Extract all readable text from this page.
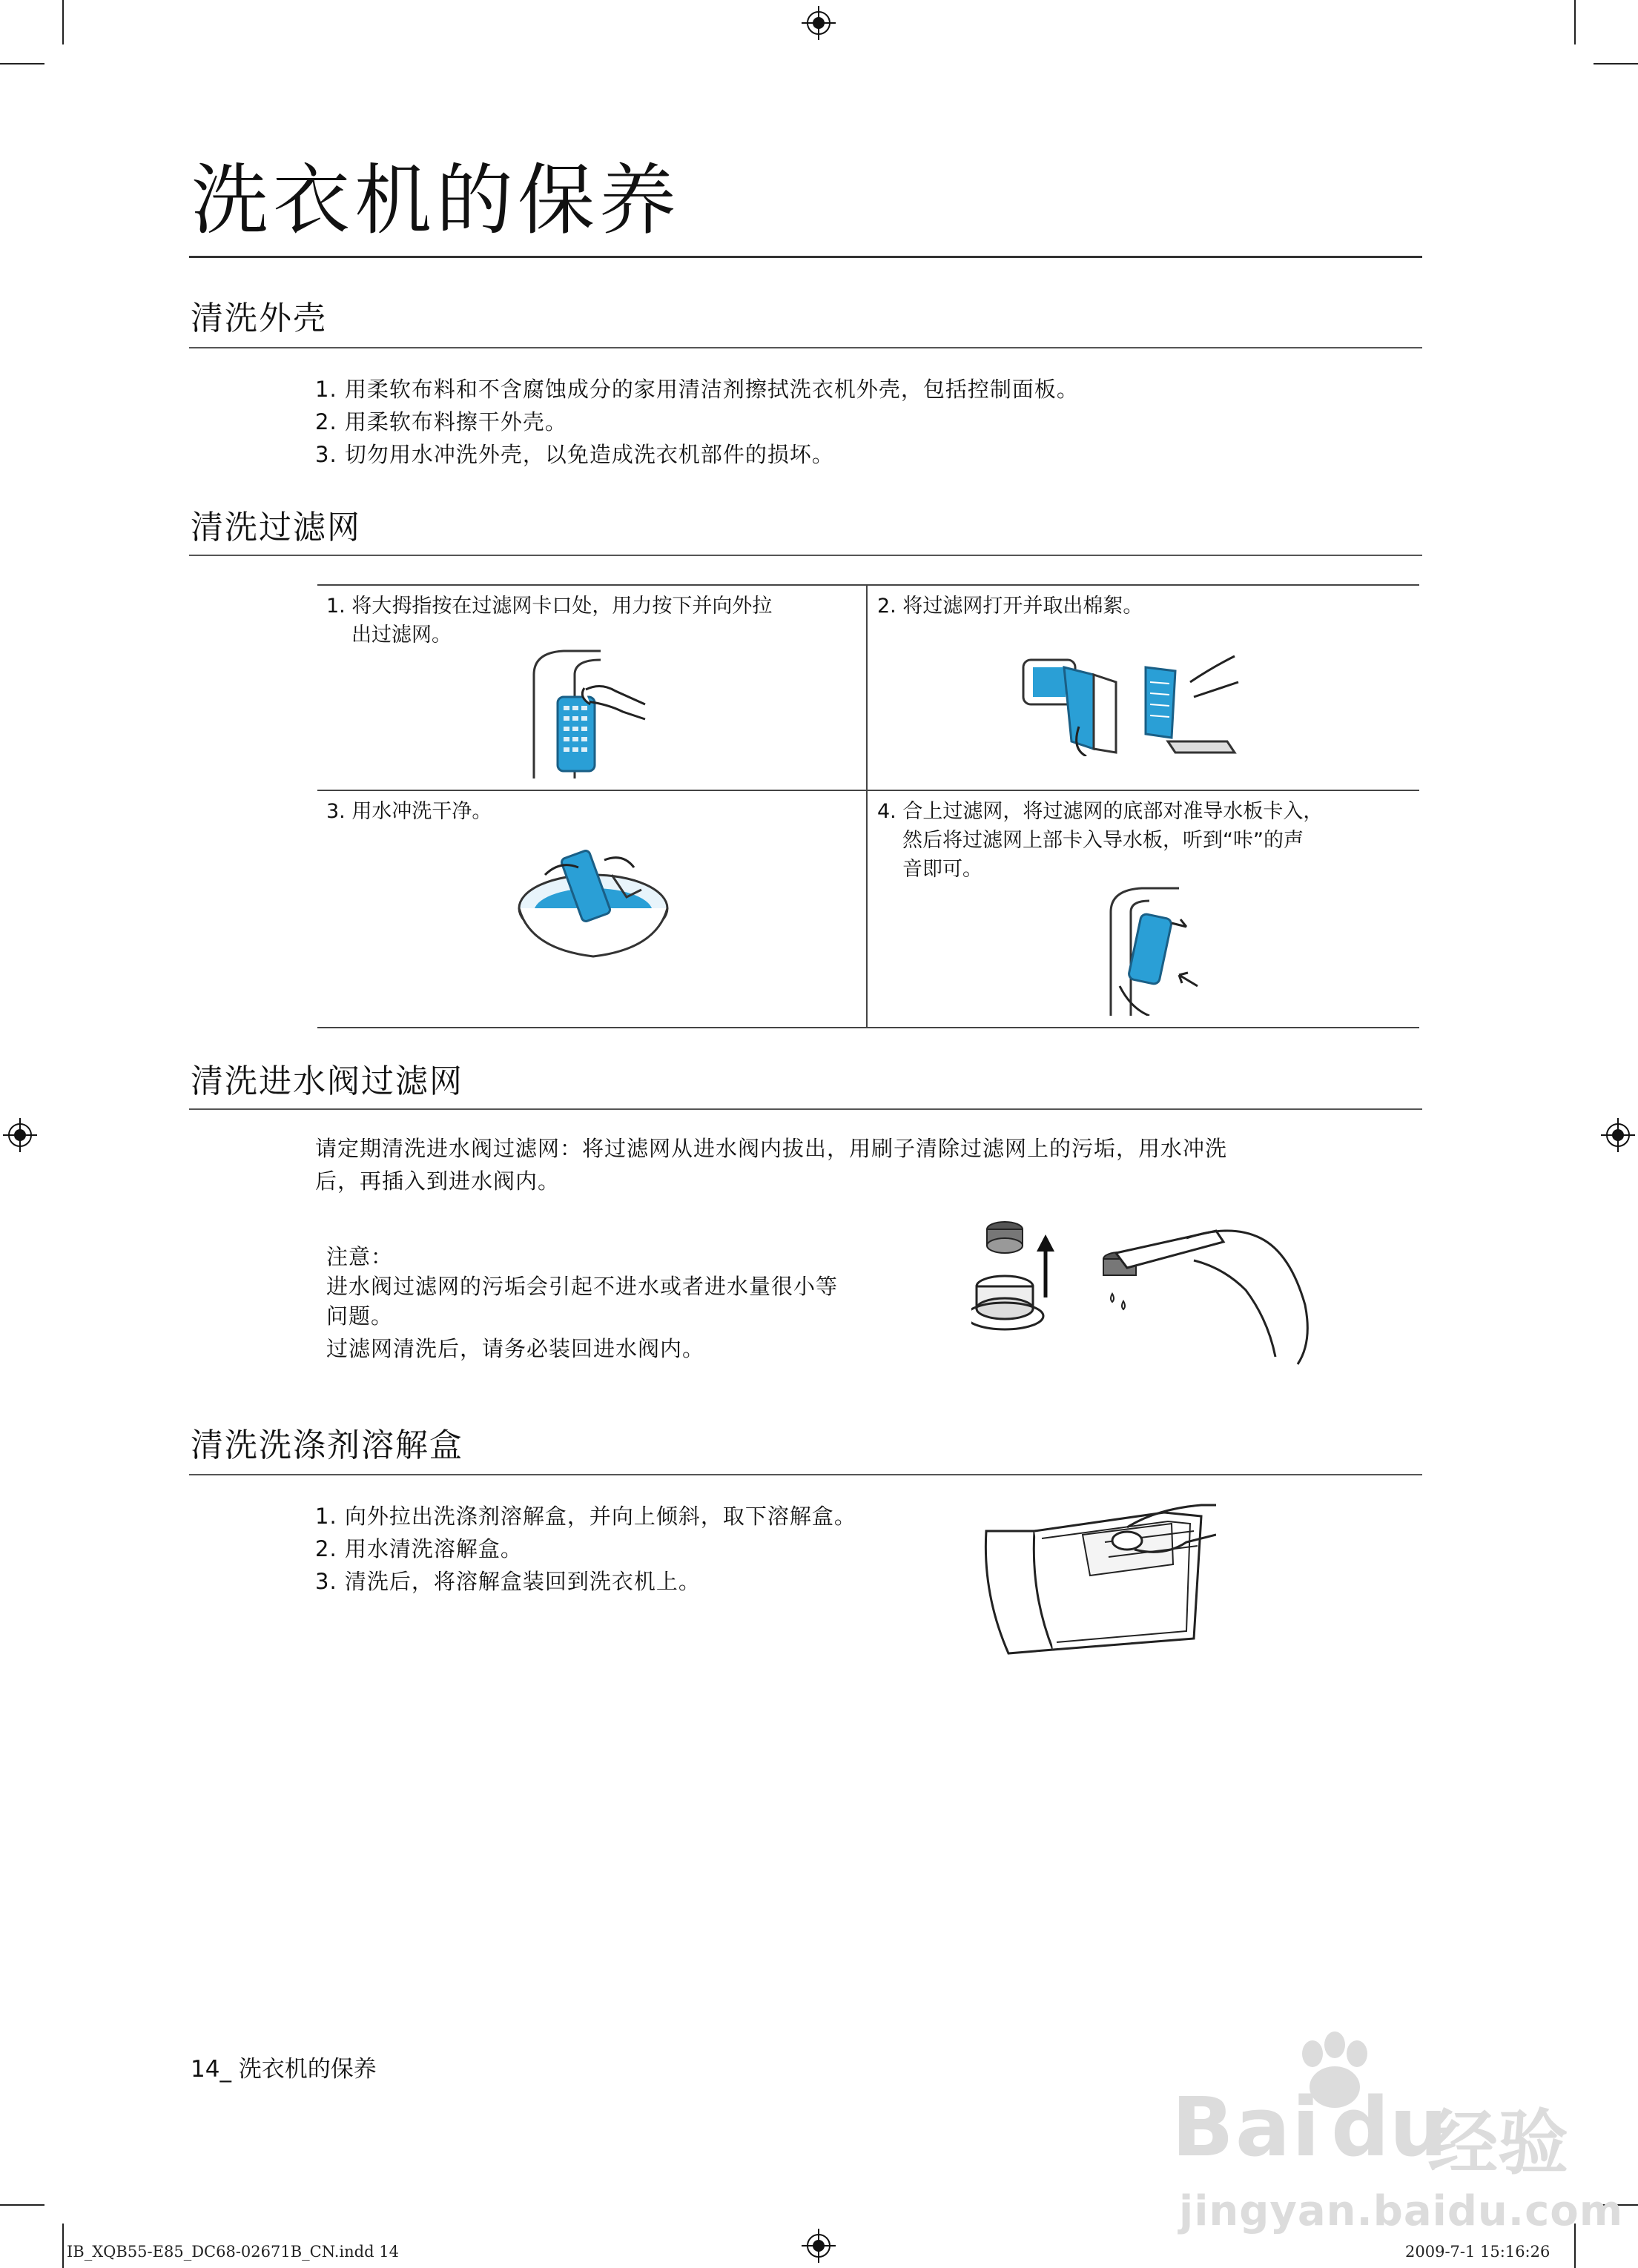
洗衣机的保养
清洗外壳
1. 用柔软布料和不含腐蚀成分的家用清洁剂擦拭洗衣机外壳，包括控制面板。
2. 用柔软布料擦干外壳。
3. 切勿用水冲洗外壳，以免造成洗衣机部件的损坏。
清洗过滤网
1. 将大拇指按在过滤网卡口处，用力按下并向外拉
出过滤网。
2. 将过滤网打开并取出棉絮。
3. 用水冲洗干净。	4. 合上过滤网，将过滤网的底部对准导水板卡入，
然后将过滤网上部卡入导水板，听到“咔”的声
音即可。
清洗进水阀过滤网
请定期清洗进水阀过滤网：将过滤网从进水阀内拔出，用刷子清除过滤网上的污垢，用水冲洗
后，再插入到进水阀内。
注意：
进水阀过滤网的污垢会引起不进水或者进水量很小等
问题。
过滤网清洗后，请务必装回进水阀内。
清洗洗涤剂溶解盒
1. 向外拉出洗涤剂溶解盒，并向上倾斜，取下溶解盒。
2. 用水清洗溶解盒。
3. 清洗后，将溶解盒装回到洗衣机上。
14_ 洗衣机的保养
Bai du
经验
jingyan.baidu.com
IB_XQB55-E85_DC68-02671B_CN.indd 14	2009-7-1 15:16:26
